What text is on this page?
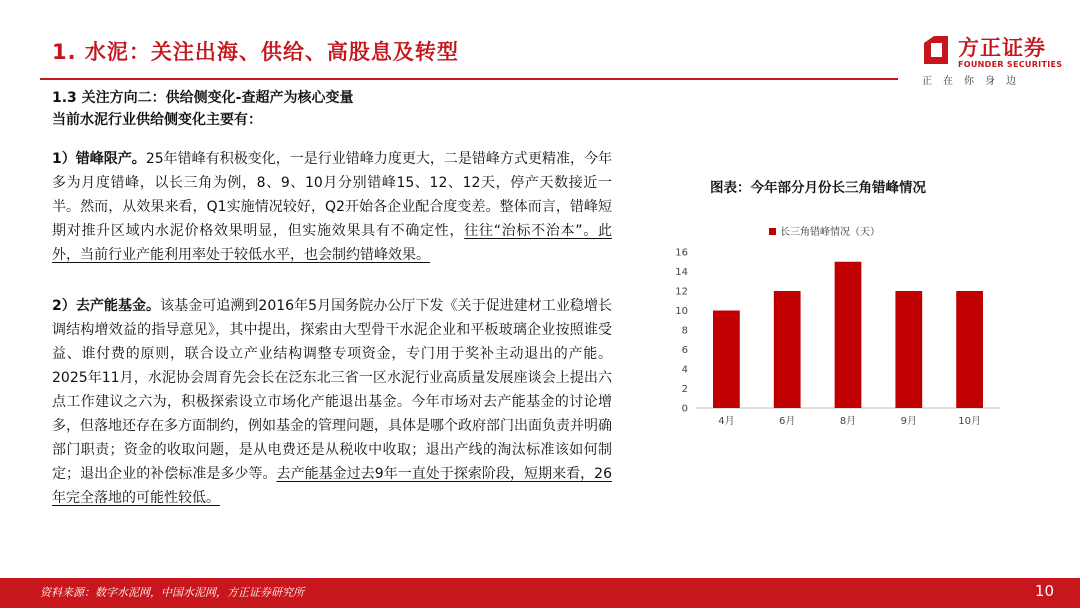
1. 水泥：关注出海、供给、高股息及转型	方正证券
FOUNDER SECURITIES
正在你身边
1.3 关注方向二：供给侧变化-查超产为核心变量
当前水泥行业供给侧变化主要有：
1）错峰限产。25年错峰有积极变化，一是行业错峰力度更大，二是错峰方式更精准，今年多为月度错峰，以长三角为例，8、9、10月分别错峰15、12、12天，停产天数接近一半。然而，从效果来看，Q1实施情况较好，Q2开始各企业配合度变差。整体而言，错峰短期对推升区域内水泥价格效果明显，但实施效果具有不确定性，往往“治标不治本”。此外，当前行业产能利用率处于较低水平，也会制约错峰效果。
2）去产能基金。该基金可追溯到2016年5月国务院办公厅下发《关于促进建材工业稳增长调结构增效益的指导意见》，其中提出，探索由大型骨干水泥企业和平板玻璃企业按照谁受益、谁付费的原则，联合设立产业结构调整专项资金，专门用于奖补主动退出的产能。2025年11月，水泥协会周育先会长在泛东北三省一区水泥行业高质量发展座谈会上提出六点工作建议之六为，积极探索设立市场化产能退出基金。今年市场对去产能基金的讨论增多，但落地还存在多方面制约，例如基金的管理问题，具体是哪个政府部门出面负责并明确部门职责；资金的收取问题，是从电费还是从税收中收取；退出产线的淘汰标准该如何制定；退出企业的补偿标准是多少等。去产能基金过去9年一直处于探索阶段，短期来看，26年完全落地的可能性较低。
图表：今年部分月份长三角错峰情况
长三角错峰情况（天）
0
2
4
6
8
10
12
14
16
4月	6月	8月	9月	10月
资料来源：数字水泥网，中国水泥网，方正证券研究所	10
